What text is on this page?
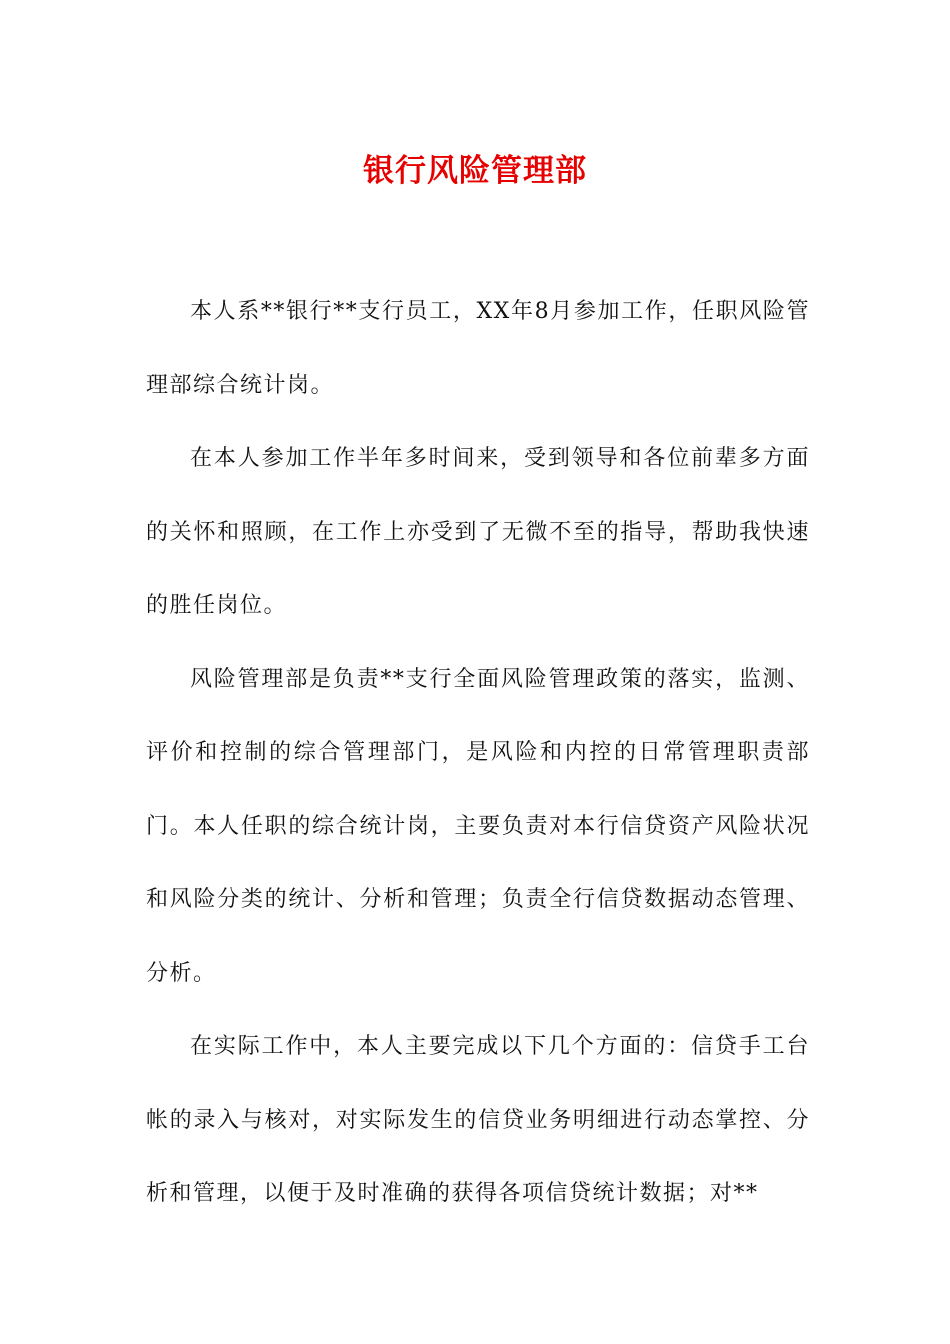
银行风险管理部

本人系**银行**支行员工，XX年8月参加工作，任职风险管理部综合统计岗。

在本人参加工作半年多时间来，受到领导和各位前辈多方面的关怀和照顾，在工作上亦受到了无微不至的指导，帮助我快速的胜任岗位。

风险管理部是负责**支行全面风险管理政策的落实，监测、评价和控制的综合管理部门，是风险和内控的日常管理职责部门。本人任职的综合统计岗，主要负责对本行信贷资产风险状况和风险分类的统计、分析和管理；负责全行信贷数据动态管理、分析。

在实际工作中，本人主要完成以下几个方面的：信贷手工台帐的录入与核对，对实际发生的信贷业务明细进行动态掌控、分析和管理，以便于及时准确的获得各项信贷统计数据；对**
